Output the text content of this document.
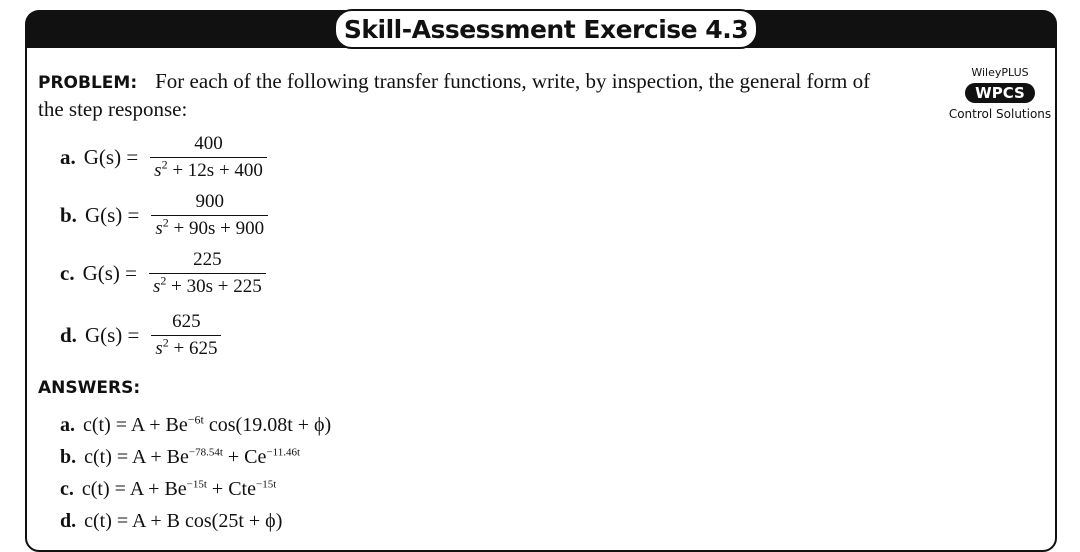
Skill-Assessment Exercise 4.3
PROBLEM: For each of the following transfer functions, write, by inspection, the general form of the step response:
WileyPLUS
WPCS
Control Solutions
a. $G(s) = \frac{400}{s^2 + 12s + 400}$
b. $G(s) = \frac{900}{s^2 + 90s + 900}$
c. $G(s) = \frac{225}{s^2 + 30s + 225}$
d. $G(s) = \frac{625}{s^2 + 625}$
ANSWERS:
a. $c(t) = A + Be^{-6t}$ cos(19.08t + ϕ)
b. $c(t) = A + Be^{-78.54t} + Ce^{-11.46t}$
c. $c(t) = A + Be^{-15t} + Cte^{-15t}$
d. c(t) = A + B cos(25t + ϕ)
